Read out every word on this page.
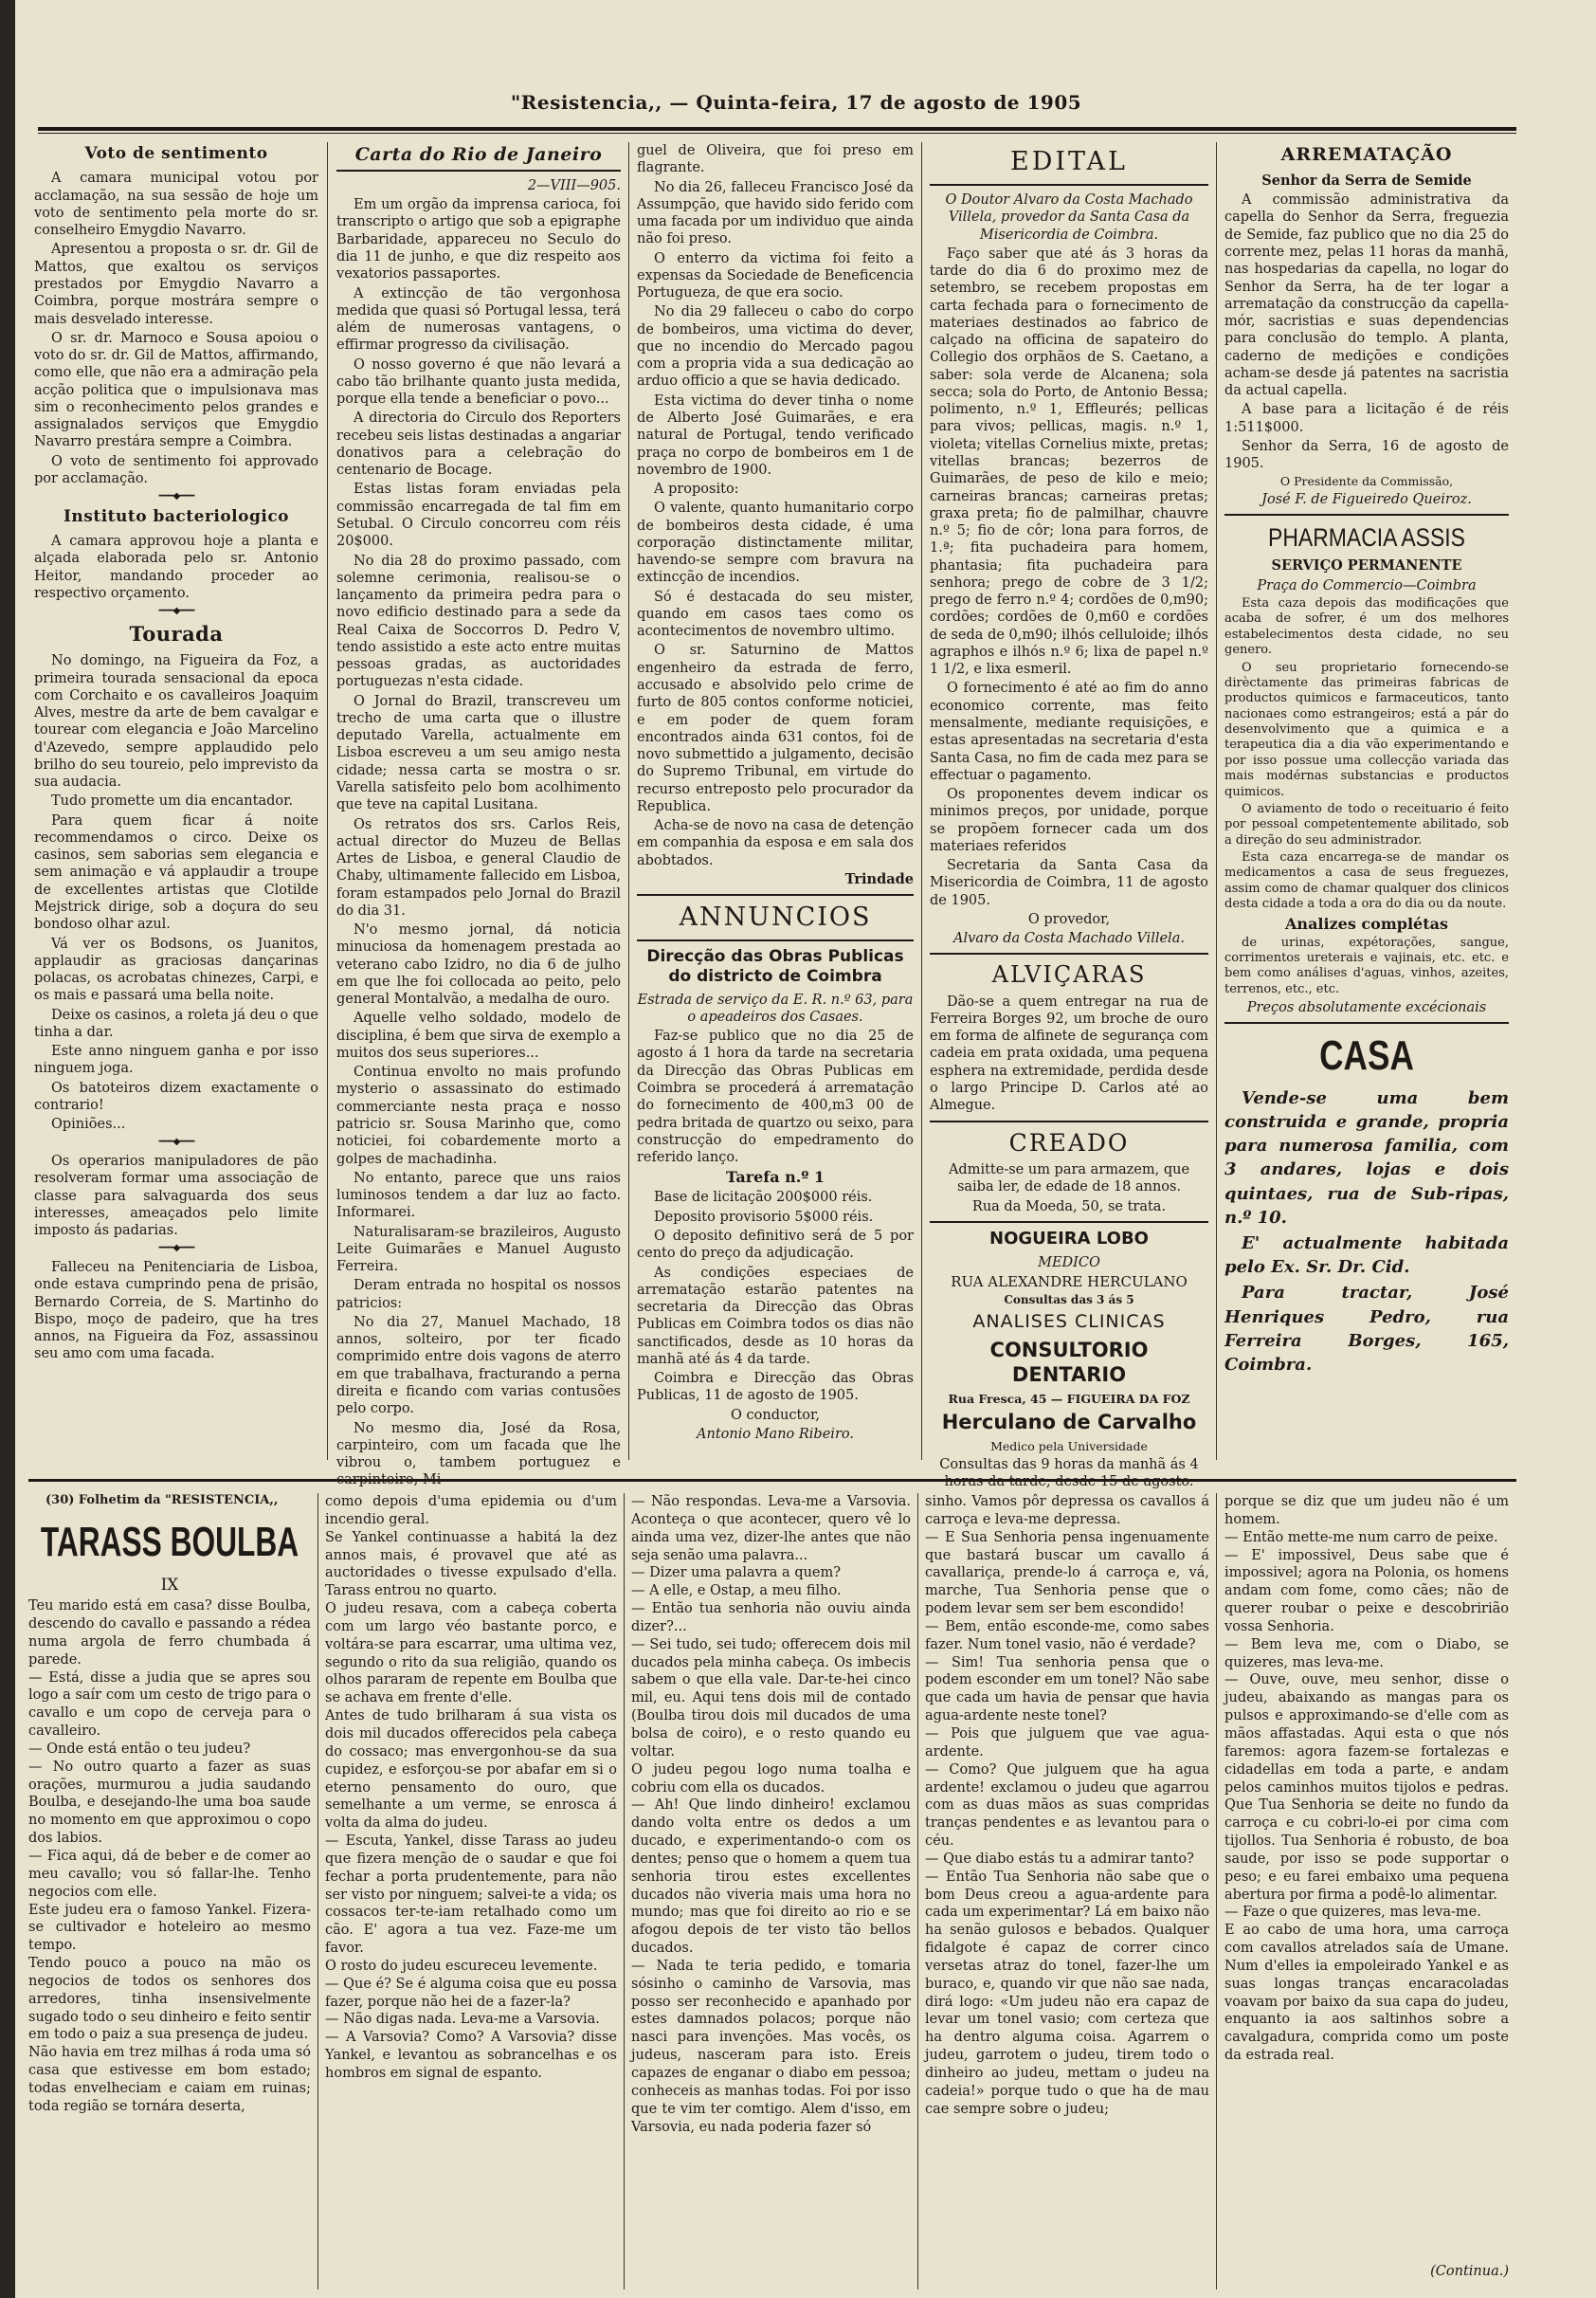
"Resistencia,, — Quinta-feira, 17 de agosto de 1905
Voto de sentimento

A camara municipal votou por acclamação, na sua sessão de hoje um voto de sentimento pela morte do sr. conselheiro Emygdio Navarro.

Apresentou a proposta o sr. dr. Gil de Mattos, que exaltou os serviços prestados por Emygdio Navarro a Coimbra, porque mostrára sempre o mais desvelado interesse.

O sr. dr. Marnoco e Sousa apoiou o voto do sr. dr. Gil de Mattos, affirmando, como elle, que não era a admiração pela acção politica que o impulsionava mas sim o reconhecimento pelos grandes e assignalados serviços que Emygdio Navarro prestára sempre a Coimbra.

O voto de sentimento foi approvado por acclamação.

━━━◆━━━
Instituto bacteriologico

A camara approvou hoje a planta e alçada elaborada pelo sr. Antonio Heitor, mandando proceder ao respectivo orçamento.

━━━◆━━━
Tourada

No domingo, na Figueira da Foz, a primeira tourada sensacional da epoca com Corchaito e os cavalleiros Joaquim Alves, mestre da arte de bem cavalgar e tourear com elegancia e João Marcelino d'Azevedo, sempre applaudido pelo brilho do seu toureio, pelo imprevisto da sua audacia.

Tudo promette um dia encantador.

Para quem ficar á noite recommendamos o circo. Deixe os casinos, sem saborias sem elegancia e sem animação e vá applaudir a troupe de excellentes artistas que Clotilde Mejstrick dirige, sob a doçura do seu bondoso olhar azul.

Vá ver os Bodsons, os Juanitos, applaudir as graciosas dançarinas polacas, os acrobatas chinezes, Carpi, e os mais e passará uma bella noite.

Deixe os casinos, a roleta já deu o que tinha a dar.

Este anno ninguem ganha e por isso ninguem joga.

Os batoteiros dizem exactamente o contrario!

Opiniões...

━━━◆━━━

Os operarios manipuladores de pão resolveram formar uma associação de classe para salvaguarda dos seus interesses, ameaçados pelo limite imposto ás padarias.

━━━◆━━━

Falleceu na Penitenciaria de Lisboa, onde estava cumprindo pena de prisão, Bernardo Correia, de S. Martinho do Bispo, moço de padeiro, que ha tres annos, na Figueira da Foz, assassinou seu amo com uma facada.

Carta do Rio de Janeiro

2—VIII—905.

Em um orgão da imprensa carioca, foi transcripto o artigo que sob a epigraphe Barbaridade, appareceu no Seculo do dia 11 de junho, e que diz respeito aos vexatorios passaportes.

A extincção de tão vergonhosa medida que quasi só Portugal lessa, terá além de numerosas vantagens, o effirmar progresso da civilisação.

O nosso governo é que não levará a cabo tão brilhante quanto justa medida, porque ella tende a beneficiar o povo...

A directoria do Circulo dos Reporters recebeu seis listas destinadas a angariar donativos para a celebração do centenario de Bocage.

Estas listas foram enviadas pela commissão encarregada de tal fim em Setubal. O Circulo concorreu com réis 20$000.

No dia 28 do proximo passado, com solemne cerimonia, realisou-se o lançamento da primeira pedra para o novo edificio destinado para a sede da Real Caixa de Soccorros D. Pedro V, tendo assistido a este acto entre muitas pessoas gradas, as auctoridades portuguezas n'esta cidade.

O Jornal do Brazil, transcreveu um trecho de uma carta que o illustre deputado Varella, actualmente em Lisboa escreveu a um seu amigo nesta cidade; nessa carta se mostra o sr. Varella satisfeito pelo bom acolhimento que teve na capital Lusitana.

Os retratos dos srs. Carlos Reis, actual director do Muzeu de Bellas Artes de Lisboa, e general Claudio de Chaby, ultimamente fallecido em Lisboa, foram estampados pelo Jornal do Brazil do dia 31.

N'o mesmo jornal, dá noticia minuciosa da homenagem prestada ao veterano cabo Izidro, no dia 6 de julho em que lhe foi collocada ao peito, pelo general Montalvão, a medalha de ouro.

Aquelle velho soldado, modelo de disciplina, é bem que sirva de exemplo a muitos dos seus superiores...

Continua envolto no mais profundo mysterio o assassinato do estimado commerciante nesta praça e nosso patricio sr. Sousa Marinho que, como noticiei, foi cobardemente morto a golpes de machadinha.

No entanto, parece que uns raios luminosos tendem a dar luz ao facto. Informarei.

Naturalisaram-se brazileiros, Augusto Leite Guimarães e Manuel Augusto Ferreira.

Deram entrada no hospital os nossos patricios:

No dia 27, Manuel Machado, 18 annos, solteiro, por ter ficado comprimido entre dois vagons de aterro em que trabalhava, fracturando a perna direita e ficando com varias contusões pelo corpo.

No mesmo dia, José da Rosa, carpinteiro, com um facada que lhe vibrou o, tambem portuguez e

guel de Oliveira, que foi preso em flagrante.

No dia 26, falleceu Francisco José da Assumpção, que havido sido ferido com uma facada por um individuo que ainda não foi preso.

O enterro da victima foi feito a expensas da Sociedade de Beneficencia Portugueza, de que era socio.

No dia 29 falleceu o cabo do corpo de bombeiros, uma victima do dever, que no incendio do Mercado pagou com a propria vida a sua dedicação ao arduo officio a que se havia dedicado.

Esta victima do dever tinha o nome de Alberto José Guimarães, e era natural de Portugal, tendo verificado praça no corpo de bombeiros em 1 de novembro de 1900.

A proposito:

O valente, quanto humanitario corpo de bombeiros desta cidade, é uma corporação distinctamente militar, havendo-se sempre com bravura na extincção de incendios.

Só é destacada do seu mister, quando em casos taes como os acontecimentos de novembro ultimo.

O sr. Saturnino de Mattos engenheiro da estrada de ferro, accusado e absolvido pelo crime de furto de 805 contos conforme noticiei, e em poder de quem foram encontrados ainda 631 contos, foi de novo submettido a julgamento, decisão do Supremo Tribunal, em virtude do recurso entreposto pelo procurador da Republica.

Acha-se de novo na casa de detenção em companhia da esposa e em sala dos abobtados.

Trindade

ANNUNCIOS
Direcção das Obras Publicas do districto de Coimbra

Estrada de serviço da E. R. n.º 63, para o apeadeiros dos Casaes.

Faz-se publico que no dia 25 de agosto á 1 hora da tarde na secretaria da Direcção das Obras Publicas em Coimbra se procederá á arrematação do fornecimento de 400,m3 00 de pedra britada de quartzo ou seixo, para construcção do empedramento do referido lanço.

Tarefa n.º 1

Base de licitação 200$000 réis.

Deposito provisorio 5$000 réis.

O deposito definitivo será de 5 por cento do preço da adjudicação.

As condições especiaes de arrematação estarão patentes na secretaria da Direcção das Obras Publicas em Coimbra todos os dias não sanctificados, desde as 10 horas da manhã até ás 4 da tarde.

Coimbra e Direcção das Obras Publicas, 11 de agosto de 1905.

O conductor,

Antonio Mano Ribeiro.

EDITAL

O Doutor Alvaro da Costa Machado Villela, provedor da Santa Casa da Misericordia de Coimbra.

Faço saber que até ás 3 horas da tarde do dia 6 do proximo mez de setembro, se recebem propostas em carta fechada para o fornecimento de materiaes destinados ao fabrico de calçado na officina de sapateiro do Collegio dos orphãos de S. Caetano, a saber: sola verde de Alcanena; sola secca; sola do Porto, de Antonio Bessa; polimento, n.º 1, Effleurés; pellicas para vivos; pellicas, magis. n.º 1, violeta; vitellas Cornelius mixte, pretas; vitellas brancas; bezerros de Guimarães, de peso de kilo e meio; carneiras brancas; carneiras pretas; graxa preta; fio de palmilhar, chauvre n.º 5; fio de côr; lona para forros, de 1.ª; fita puchadeira para homem, phantasia; fita puchadeira para senhora; prego de cobre de 3 1/2; prego de ferro n.º 4; cordões de 0,m90; cordões; cordões de 0,m60 e cordões de seda de 0,m90; ilhós celluloide; ilhós agraphos e ilhós n.º 6; lixa de papel n.º 1 1/2, e lixa esmeril.

O fornecimento é até ao fim do anno economico corrente, mas feito mensalmente, mediante requisições, e estas apresentadas na secretaria d'esta Santa Casa, no fim de cada mez para se effectuar o pagamento.

Os proponentes devem indicar os minimos preços, por unidade, porque se propõem fornecer cada um dos materiaes referidos

Secretaria da Santa Casa da Misericordia de Coimbra, 11 de agosto de 1905.

O provedor,

Alvaro da Costa Machado Villela.

ALVIÇARAS

Dão-se a quem entregar na rua de Ferreira Borges 92, um broche de ouro em forma de alfinete de segurança com cadeia em prata oxidada, uma pequena esphera na extremidade, perdida desde o largo Principe D. Carlos até ao Almegue.

CREADO

Admitte-se um para armazem, que saiba ler, de edade de 18 annos.

Rua da Moeda, 50, se trata.

NOGUEIRA LOBO

MEDICO

RUA ALEXANDRE HERCULANO

Consultas das 3 ás 5

ANALISES CLINICAS
CONSULTORIO DENTARIO

Rua Fresca, 45 — FIGUEIRA DA FOZ

Herculano de Carvalho

Medico pela Universidade

Consultas das 9 horas da manhã ás 4

ARREMATAÇÃO

Senhor da Serra de Semide

A commissão administrativa da capella do Senhor da Serra, freguezia de Semide, faz publico que no dia 25 do corrente mez, pelas 11 horas da manhã, nas hospedarias da capella, no logar do Senhor da Serra, ha de ter logar a arrematação da construcção da capella-mór, sacristias e suas dependencias para conclusão do templo. A planta, caderno de medições e condições acham-se desde já patentes na sacristia da actual capella.

A base para a licitação é de réis 1:511$000.

Senhor da Serra, 16 de agosto de 1905.

O Presidente da Commissão,

José F. de Figueiredo Queiroz.

PHARMACIA ASSIS

SERVIÇO PERMANENTE

Praça do Commercio—Coimbra

Esta caza depois das modificações que acaba de sofrer, é um dos melhores estabelecimentos desta cidade, no seu genero.

O seu proprietario fornecendo-se dirèctamente das primeiras fabricas de productos quimicos e farmaceuticos, tanto nacionaes como estrangeiros; está a pár do desenvolvimento que a quimica e a terapeutica dia a dia vão experimentando e por isso possue uma collecção variada das mais modérnas substancias e productos quimicos.

O aviamento de todo o receituario é feito por pessoal competentemente abilitado, sob a direção do seu administrador.

Esta caza encarrega-se de mandar os medicamentos a casa de seus freguezes, assim como de chamar qualquer dos clinicos desta cidade a toda a ora do dia ou da noute.

Analizes complétas

de urinas, expétorações, sangue, corrimentos ureterais e vajinais, etc. etc. e bem como análises d'aguas, vinhos, azeites, terrenos, etc., etc.

Preços absolutamente excécionais

CASA

Vende-se uma bem construida e grande, propria para numerosa familia, com 3 andares, lojas e dois quintaes, rua de Sub-ripas, n.º 10.

E' actualmente habitada pelo Ex. Sr. Dr. Cid.

Para tractar, José Henriques Pedro, rua Ferreira Borges, 165, Coimbra.

(30) Folhetim da "RESISTENCIA,,

TARASS BOULBA

IX

Teu marido está em casa? disse Boulba, descendo do cavallo e passando a rédea numa argola de ferro chumbada á parede.
— Está, disse a judia que se apres sou logo a saír com um cesto de trigo para o cavallo e um copo de cerveja para o cavalleiro.
— Onde está então o teu judeu?
— No outro quarto a fazer as suas orações, murmurou a judia saudando Boulba, e desejando-lhe uma boa saude no momento em que approximou o copo dos labios.
— Fica aqui, dá de beber e de comer ao meu cavallo; vou só fallar-lhe. Tenho negocios com elle.
Este judeu era o famoso Yankel. Fizera-se cultivador e hoteleiro ao mesmo tempo.
Tendo pouco a pouco na mão os negocios de todos os senhores dos arredores, tinha insensivelmente sugado todo o seu dinheiro e feito sentir em todo o paiz a sua presença de judeu.
Não havia em trez milhas á roda uma só casa que estivesse em bom estado; todas envelheciam e caiam em ruinas; toda região se tornára deserta,
como depois d'uma epidemia ou d'um incendio geral.
Se Yankel continuasse a habitá la dez annos mais, é provavel que até as auctoridades o tivesse expulsado d'ella. Tarass entrou no quarto.
O judeu resava, com a cabeça coberta com um largo véo bastante porco, e voltára-se para escarrar, uma ultima vez, segundo o rito da sua religião, quando os olhos pararam de repente em Boulba que se achava em frente d'elle.
Antes de tudo brilharam á sua vista os dois mil ducados offerecidos pela cabeça do cossaco; mas envergonhou-se da sua cupidez, e esforçou-se por abafar em si o eterno pensamento do ouro, que semelhante a um verme, se enrosca á volta da alma do judeu.
— Escuta, Yankel, disse Tarass ao judeu que fizera menção de o saudar e que foi fechar a porta prudentemente, para não ser visto por ninguem; salvei-te a vida; os cossacos ter-te-iam retalhado como um cão. E' agora a tua vez. Faze-me um favor.
O rosto do judeu escureceu levemente.
— Que é? Se é alguma coisa que eu possa fazer, porque não hei de a fazer-la?
— Não digas nada. Leva-me a Varsovia.
— A Varsovia? Como? A Varsovia? disse Yankel, e levantou as sobrancelhas e os hombros em signal de espanto.
— Não respondas. Leva-me a Varsovia. Aconteça o que acontecer, quero vê lo ainda uma vez, dizer-lhe antes que não seja senão uma palavra...
— Dizer uma palavra a quem?
— A elle, e Ostap, a meu filho.
— Então tua senhoria não ouviu ainda dizer?...
— Sei tudo, sei tudo; offerecem dois mil ducados pela minha cabeça. Os imbecis sabem o que ella vale. Dar-te-hei cinco mil, eu. Aqui tens dois mil de contado (Boulba tirou dois mil ducados de uma bolsa de coiro), e o resto quando eu voltar.
O judeu pegou logo numa toalha e cobriu com ella os ducados.
— Ah! Que lindo dinheiro! exclamou dando volta entre os dedos a um ducado, e experimentando-o com os dentes; penso que o homem a quem tua senhoria tirou estes excellentes ducados não viveria mais uma hora no mundo; mas que foi direito ao rio e se afogou depois de ter visto tão bellos ducados.
— Nada te teria pedido, e tomaria sósinho o caminho de Varsovia, mas posso ser reconhecido e apanhado por estes damnados polacos; porque não nasci para invenções. Mas vocês, os judeus, nasceram para isto. Ereis capazes de enganar o diabo em pessoa; conheceis as manhas todas. Foi por isso que te vim ter comtigo. Alem d'isso, em Varsovia, eu nada poderia fazer só
sinho. Vamos pôr depressa os cavallos á carroça e leva-me depressa.
— E Sua Senhoria pensa ingenuamente que bastará buscar um cavallo á cavallariça, prende-lo á carroça e, vá, marche, Tua Senhoria pense que o podem levar sem ser bem escondido!
— Bem, então esconde-me, como sabes fazer. Num tonel vasio, não é verdade?
— Sim! Tua senhoria pensa que o podem esconder em um tonel? Não sabe que cada um havia de pensar que havia agua-ardente neste tonel?
— Pois que julguem que vae agua-ardente.
— Como? Que julguem que ha agua ardente! exclamou o judeu que agarrou com as duas mãos as suas compridas tranças pendentes e as levantou para o céu.
— Que diabo estás tu a admirar tanto?
— Então Tua Senhoria não sabe que o bom Deus creou a agua-ardente para cada um experimentar? Lá em baixo não ha senão gulosos e bebados. Qualquer fidalgote é capaz de correr cinco versetas atraz do tonel, fazer-lhe um buraco, e, quando vir que não sae nada, dirá logo: «Um judeu não era capaz de levar um tonel vasio; com certeza que ha dentro alguma coisa. Agarrem o judeu, garrotem o judeu, tirem todo o dinheiro ao judeu, mettam o judeu na cadeia!» porque tudo o que ha de mau cae sempre sobre o judeu;
porque se diz que um judeu não é um homem.
— Então mette-me num carro de peixe.
— E' impossivel, Deus sabe que é impossivel; agora na Polonia, os homens andam com fome, como cães; não de querer roubar o peixe e descobririão vossa Senhoria.
— Bem leva me, com o Diabo, se quizeres, mas leva-me.
— Ouve, ouve, meu senhor, disse o judeu, abaixando as mangas para os pulsos e approximando-se d'elle com as mãos affastadas. Aqui esta o que nós faremos: agora fazem-se fortalezas e cidadellas em toda a parte, e andam pelos caminhos muitos tijolos e pedras. Que Tua Senhoria se deite no fundo da carroça e cu cobri-lo-ei por cima com tijollos. Tua Senhoria é robusto, de boa saude, por isso se pode supportar o peso; e eu farei embaixo uma pequena abertura por firma a podê-lo alimentar.
— Faze o que quizeres, mas leva-me.
E ao cabo de uma hora, uma carroça com cavallos atrelados saía de Umane. Num d'elles ia empoleirado Yankel e as suas longas tranças encaracoladas voavam por baixo da sua capa do judeu, enquanto ia aos saltinhos sobre a cavalgadura, comprida como um poste da estrada real.
(Continua.)
